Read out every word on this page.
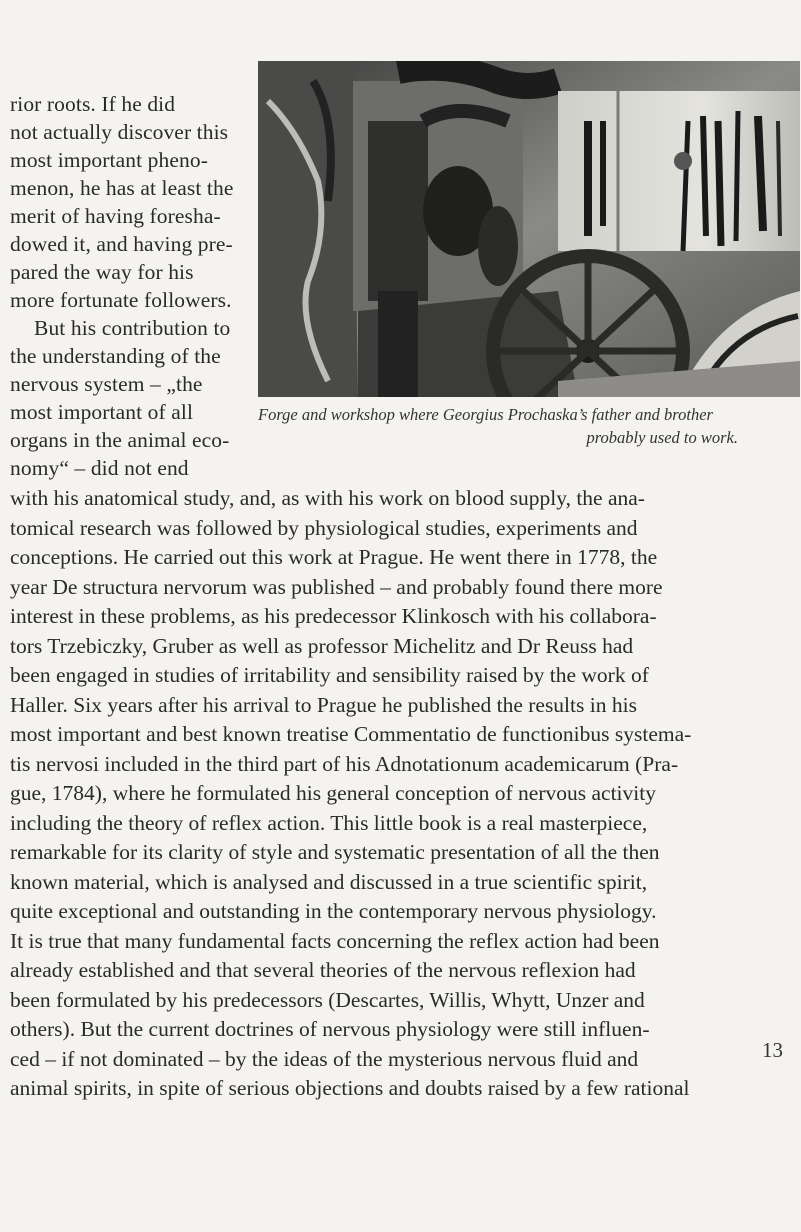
rior roots. If he did
not actually discover this
most important pheno-
menon, he has at least the
merit of having foresha-
dowed it, and having pre-
pared the way for his
more fortunate followers.
But his contribution to
the understanding of the
nervous system – „the
most important of all
organs in the animal eco-
nomy“ – did not end
Forge and workshop where Georgius Prochaska’s father and brother
probably used to work.
with his anatomical study, and, as with his work on blood supply, the ana-
tomical research was followed by physiological studies, experiments and
conceptions. He carried out this work at Prague. He went there in 1778, the
year De structura nervorum was published – and probably found there more
interest in these problems, as his predecessor Klinkosch with his collabora-
tors Trzebiczky, Gruber as well as professor Michelitz and Dr Reuss had
been engaged in studies of irritability and sensibility raised by the work of
Haller. Six years after his arrival to Prague he published the results in his
most important and best known treatise Commentatio de functionibus systema-
tis nervosi included in the third part of his Adnotationum academicarum (Pra-
gue, 1784), where he formulated his general conception of nervous activity
including the theory of reflex action. This little book is a real masterpiece,
remarkable for its clarity of style and systematic presentation of all the then
known material, which is analysed and discussed in a true scientific spirit,
quite exceptional and outstanding in the contemporary nervous physiology.
It is true that many fundamental facts concerning the reflex action had been
already established and that several theories of the nervous reflexion had
been formulated by his predecessors (Descartes, Willis, Whytt, Unzer and
others). But the current doctrines of nervous physiology were still influen-
ced – if not dominated – by the ideas of the mysterious nervous fluid and
animal spirits, in spite of serious objections and doubts raised by a few rational
13
